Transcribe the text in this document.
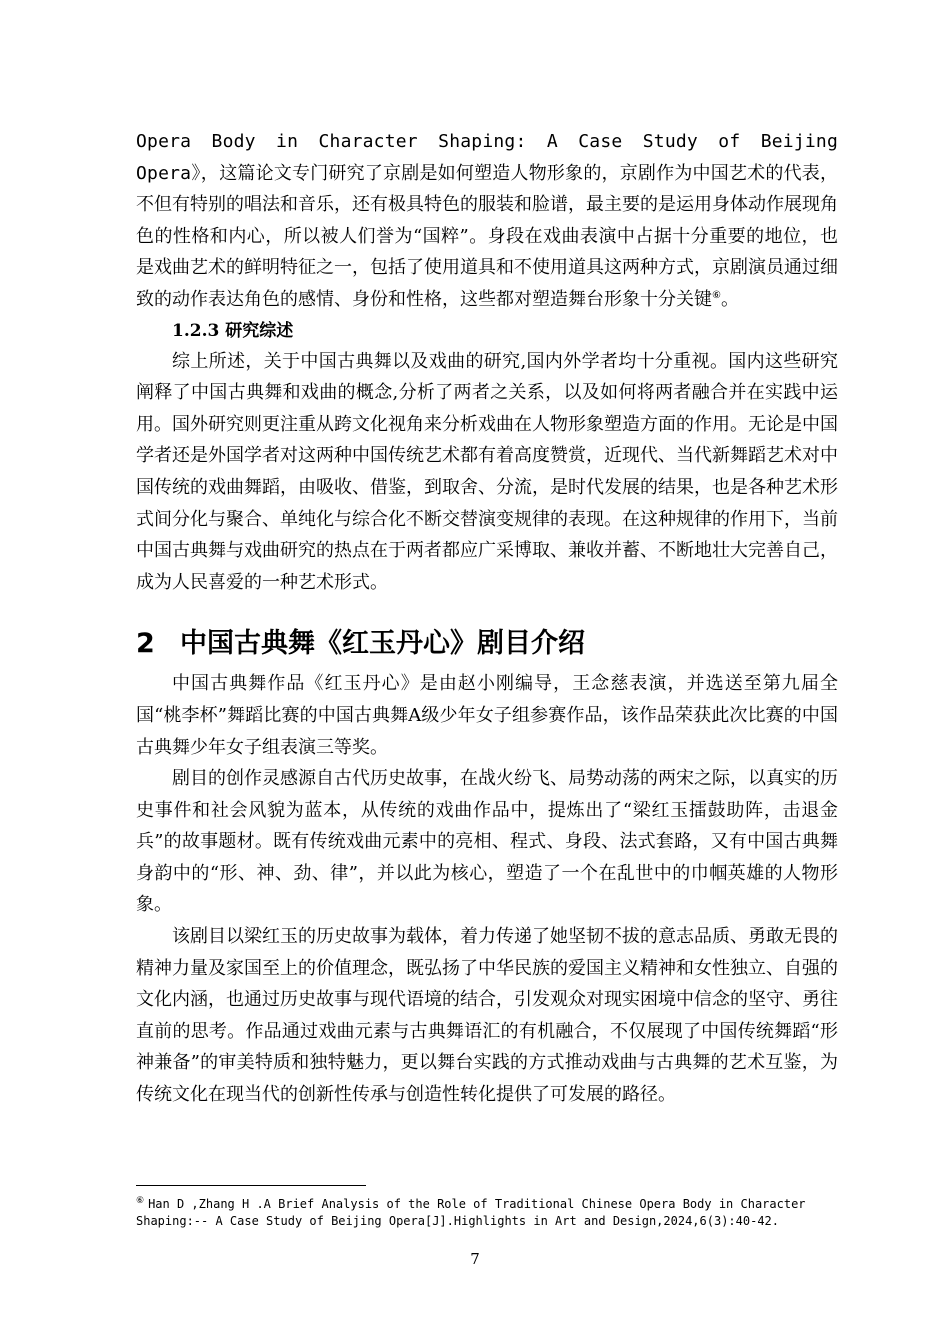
Opera Body in Character Shaping: A Case Study of Beijing Opera》，这篇论文专门研究了京剧是如何塑造人物形象的，京剧作为中国艺术的代表，不但有特别的唱法和音乐，还有极具特色的服装和脸谱，最主要的是运用身体动作展现角色的性格和内心，所以被人们誉为“国粹”。身段在戏曲表演中占据十分重要的地位，也是戏曲艺术的鲜明特征之一，包括了使用道具和不使用道具这两种方式，京剧演员通过细致的动作表达角色的感情、身份和性格，这些都对塑造舞台形象十分关键⑥。

1.2.3 研究综述

综上所述，关于中国古典舞以及戏曲的研究,国内外学者均十分重视。国内这些研究阐释了中国古典舞和戏曲的概念,分析了两者之关系，以及如何将两者融合并在实践中运用。国外研究则更注重从跨文化视角来分析戏曲在人物形象塑造方面的作用。无论是中国学者还是外国学者对这两种中国传统艺术都有着高度赞赏，近现代、当代新舞蹈艺术对中国传统的戏曲舞蹈，由吸收、借鉴，到取舍、分流，是时代发展的结果，也是各种艺术形式间分化与聚合、单纯化与综合化不断交替演变规律的表现。在这种规律的作用下，当前中国古典舞与戏曲研究的热点在于两者都应广采博取、兼收并蓄、不断地壮大完善自己，成为人民喜爱的一种艺术形式。

2 中国古典舞《红玉丹心》剧目介绍

中国古典舞作品《红玉丹心》是由赵小刚编导，王念慈表演，并选送至第九届全国“桃李杯”舞蹈比赛的中国古典舞A级少年女子组参赛作品，该作品荣获此次比赛的中国古典舞少年女子组表演三等奖。

剧目的创作灵感源自古代历史故事，在战火纷飞、局势动荡的两宋之际，以真实的历史事件和社会风貌为蓝本，从传统的戏曲作品中，提炼出了“梁红玉擂鼓助阵，击退金兵”的故事题材。既有传统戏曲元素中的亮相、程式、身段、法式套路，又有中国古典舞身韵中的“形、神、劲、律”，并以此为核心，塑造了一个在乱世中的巾帼英雄的人物形象。

该剧目以梁红玉的历史故事为载体，着力传递了她坚韧不拔的意志品质、勇敢无畏的精神力量及家国至上的价值理念，既弘扬了中华民族的爱国主义精神和女性独立、自强的文化内涵，也通过历史故事与现代语境的结合，引发观众对现实困境中信念的坚守、勇往直前的思考。作品通过戏曲元素与古典舞语汇的有机融合，不仅展现了中国传统舞蹈“形神兼备”的审美特质和独特魅力，更以舞台实践的方式推动戏曲与古典舞的艺术互鉴，为传统文化在现当代的创新性传承与创造性转化提供了可发展的路径。

⑥ Han D ,Zhang H .A Brief Analysis of the Role of Traditional Chinese Opera Body in Character Shaping:-- A Case Study of Beijing Opera[J].Highlights in Art and Design,2024,6(3):40-42.

7
